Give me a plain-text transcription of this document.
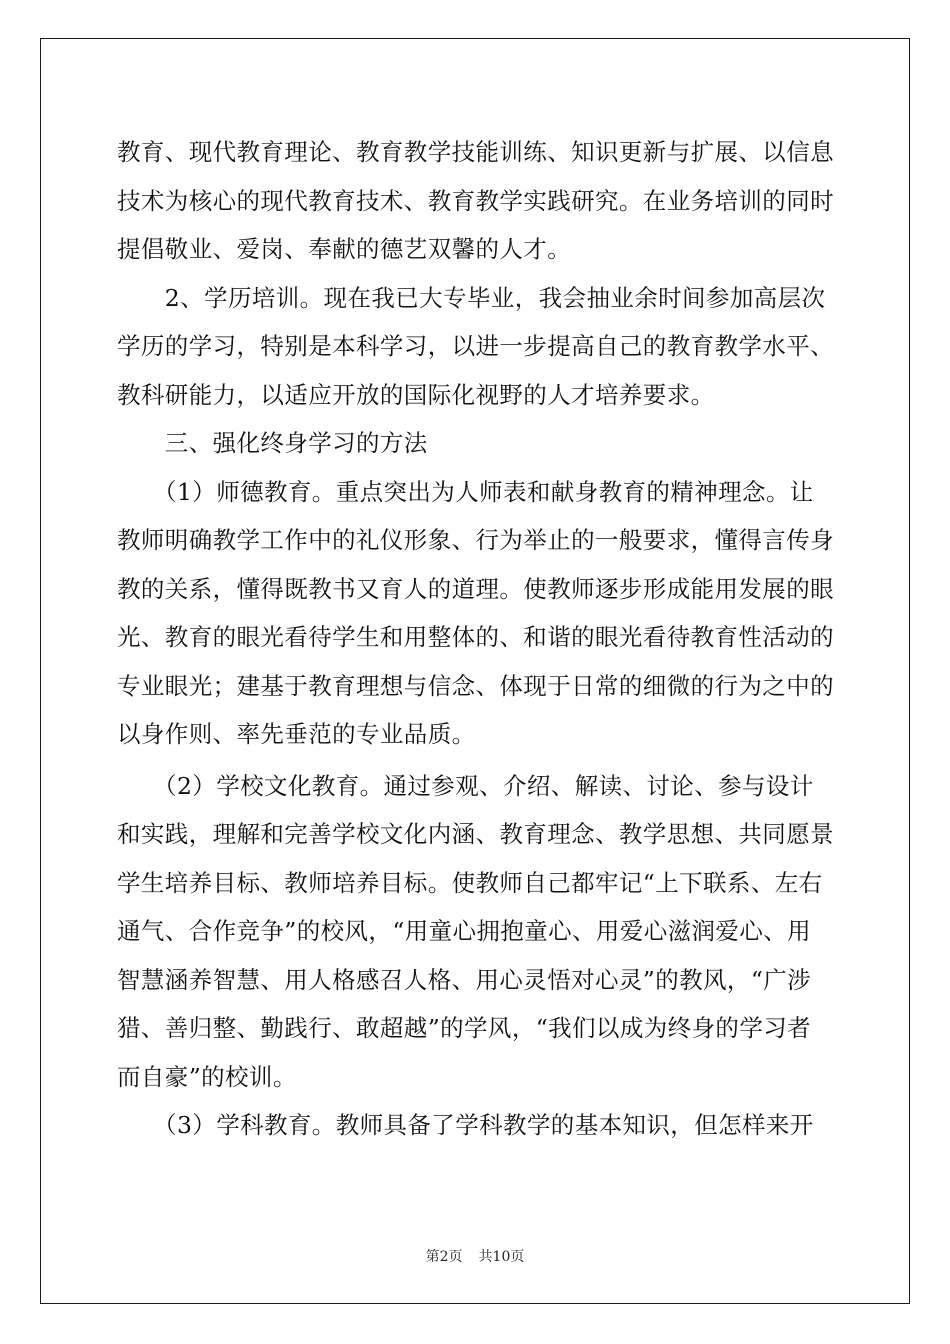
教育、现代教育理论、教育教学技能训练、知识更新与扩展、以信息
技术为核心的现代教育技术、教育教学实践研究。在业务培训的同时
提倡敬业、爱岗、奉献的德艺双馨的人才。
　　2、学历培训。现在我已大专毕业，我会抽业余时间参加高层次
学历的学习，特别是本科学习，以进一步提高自己的教育教学水平、
教科研能力，以适应开放的国际化视野的人才培养要求。
　　三、强化终身学习的方法
　　（1）师德教育。重点突出为人师表和献身教育的精神理念。让
教师明确教学工作中的礼仪形象、行为举止的一般要求，懂得言传身
教的关系，懂得既教书又育人的道理。使教师逐步形成能用发展的眼
光、教育的眼光看待学生和用整体的、和谐的眼光看待教育性活动的
专业眼光；建基于教育理想与信念、体现于日常的细微的行为之中的
以身作则、率先垂范的专业品质。
　　（2）学校文化教育。通过参观、介绍、解读、讨论、参与设计
和实践，理解和完善学校文化内涵、教育理念、教学思想、共同愿景
学生培养目标、教师培养目标。使教师自己都牢记“上下联系、左右
通气、合作竞争”的校风，“用童心拥抱童心、用爱心滋润爱心、用
智慧涵养智慧、用人格感召人格、用心灵悟对心灵”的教风，“广涉
猎、善归整、勤践行、敢超越”的学风，“我们以成为终身的学习者
而自豪”的校训。
　　（3）学科教育。教师具备了学科教学的基本知识，但怎样来开
第2页 共10页
